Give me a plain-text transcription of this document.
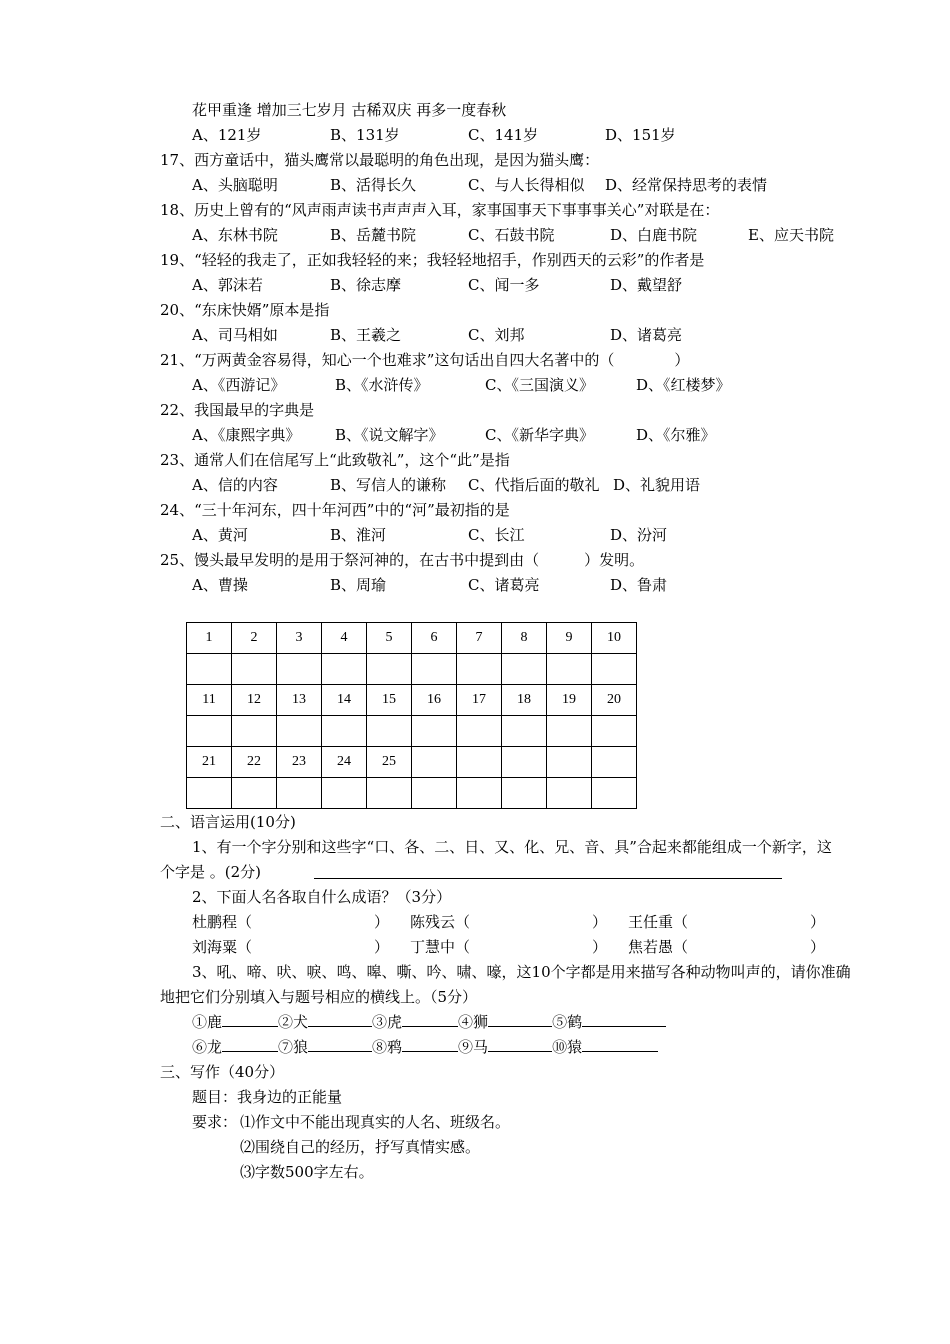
花甲重逢 增加三七岁月 古稀双庆 再多一度春秋
A、121岁	B、131岁	C、141岁	D、151岁
17、西方童话中，猫头鹰常以最聪明的角色出现，是因为猫头鹰：
A、头脑聪明	B、活得长久	C、与人长得相似 D、经常保持思考的表情
18、历史上曾有的“风声雨声读书声声声入耳，家事国事天下事事事关心”对联是在：
A、东林书院	B、岳麓书院	C、石鼓书院	D、白鹿书院	E、应天书院
19、“轻轻的我走了，正如我轻轻的来；我轻轻地招手，作别西天的云彩”的作者是
A、郭沫若	B、徐志摩	C、闻一多	D、戴望舒
20、“东床快婿”原本是指
A、司马相如	B、王羲之	C、刘邦	D、诸葛亮
21、“万两黄金容易得，知心一个也难求”这句话出自四大名著中的（　　　　）
A、《西游记》	B、《水浒传》	C、《三国演义》	D、《红楼梦》
22、我国最早的字典是
A、《康熙字典》 B、《说文解字》	C、《新华字典》	D、《尔雅》
23、通常人们在信尾写上“此致敬礼”，这个“此”是指
A、信的内容	B、写信人的谦称 C、代指后面的敬礼 D、礼貌用语
24、“三十年河东，四十年河西”中的“河”最初指的是
A、黄河	B、淮河	C、长江	D、汾河
25、馒头最早发明的是用于祭河神的，在古书中提到由（　　　）发明。
A、曹操	B、周瑜	C、诸葛亮	D、鲁肃
1	2	3	4	5	6	7	8	9	10

11	12	13	14	15	16	17	18	19	20

21	22	23	24	25					

二、语言运用(10分)
1、有一个字分别和这些字“口、各、二、日、又、化、兄、音、具”合起来都能组成一个新字，这
个字是 。(2分)
2、下面人名各取自什么成语？（3分）
杜鹏程（	） 陈残云（	） 王任重（	）
刘海粟（	） 丁慧中（	） 焦若愚（	）
3、吼、啼、吠、唳、鸣、嗥、嘶、吟、啸、嚎，这10个字都是用来描写各种动物叫声的，请你准确
地把它们分别填入与题号相应的横线上。（5分）
①鹿	②犬	③虎	④狮	⑤鹤
⑥龙	⑦狼	⑧鸦	⑨马	⑩猿
三、写作（40分）
题目：我身边的正能量
要求： ⑴作文中不能出现真实的人名、班级名。
⑵围绕自己的经历，抒写真情实感。
⑶字数500字左右。
